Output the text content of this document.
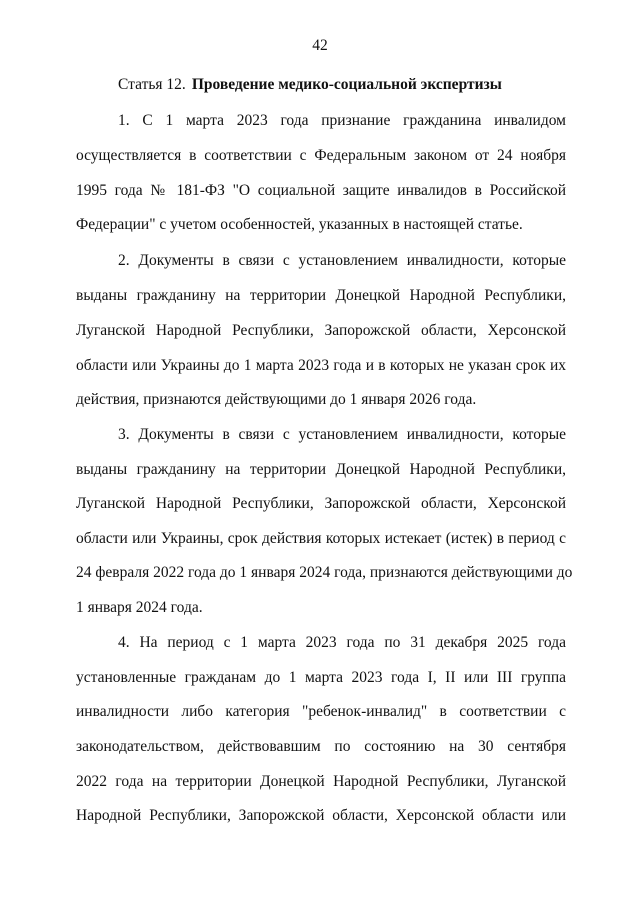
42
Статья 12. Проведение медико-социальной экспертизы
1. С 1 марта 2023 года признание гражданина инвалидом
осуществляется в соответствии с Федеральным законом от 24 ноября
1995 года № 181-ФЗ "О социальной защите инвалидов в Российской
Федерации" с учетом особенностей, указанных в настоящей статье.
2. Документы в связи с установлением инвалидности, которые
выданы гражданину на территории Донецкой Народной Республики,
Луганской Народной Республики, Запорожской области, Херсонской
области или Украины до 1 марта 2023 года и в которых не указан срок их
действия, признаются действующими до 1 января 2026 года.
3. Документы в связи с установлением инвалидности, которые
выданы гражданину на территории Донецкой Народной Республики,
Луганской Народной Республики, Запорожской области, Херсонской
области или Украины, срок действия которых истекает (истек) в период с
24 февраля 2022 года до 1 января 2024 года, признаются действующими до
1 января 2024 года.
4. На период с 1 марта 2023 года по 31 декабря 2025 года
установленные гражданам до 1 марта 2023 года I, II или III группа
инвалидности либо категория "ребенок-инвалид" в соответствии с
законодательством, действовавшим по состоянию на 30 сентября
2022 года на территории Донецкой Народной Республики, Луганской
Народной Республики, Запорожской области, Херсонской области или
